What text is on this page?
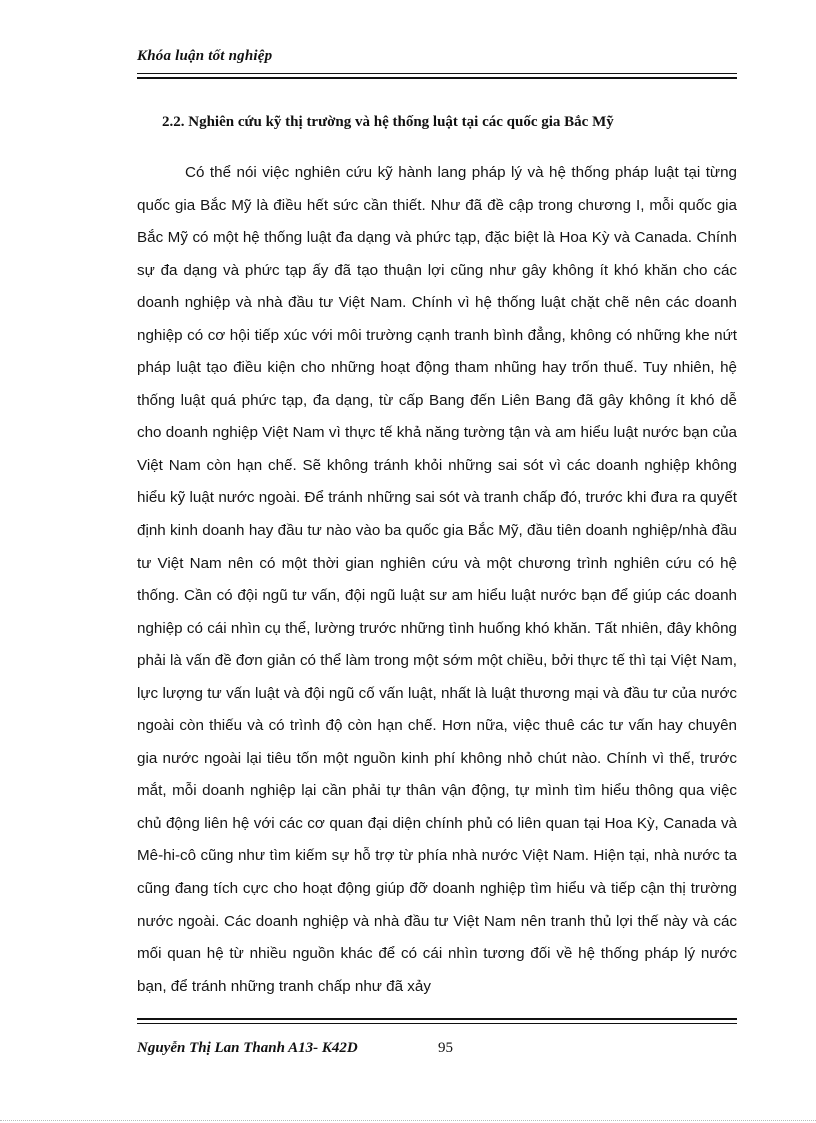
Khóa luận tốt nghiệp
2.2. Nghiên cứu kỹ thị trường và hệ thống luật tại các quốc gia Bắc Mỹ

Có thể nói việc nghiên cứu kỹ hành lang pháp lý và hệ thống pháp luật tại từng quốc gia Bắc Mỹ là điều hết sức cần thiết. Như đã đề cập trong chương I, mỗi quốc gia Bắc Mỹ có một hệ thống luật đa dạng và phức tạp, đặc biệt là Hoa Kỳ và Canada. Chính sự đa dạng và phức tạp ấy đã tạo thuận lợi cũng như gây không ít khó khăn cho các doanh nghiệp và nhà đầu tư Việt Nam. Chính vì hệ thống luật chặt chẽ nên các doanh nghiệp có cơ hội tiếp xúc với môi trường cạnh tranh bình đẳng, không có những khe nứt pháp luật tạo điều kiện cho những hoạt động tham nhũng hay trốn thuế. Tuy nhiên, hệ thống luật quá phức tạp, đa dạng, từ cấp Bang đến Liên Bang đã gây không ít khó dễ cho doanh nghiệp Việt Nam vì thực tế khả năng tường tận và am hiểu luật nước bạn của Việt Nam còn hạn chế. Sẽ không tránh khỏi những sai sót vì các doanh nghiệp không hiểu kỹ luật nước ngoài. Để tránh những sai sót và tranh chấp đó, trước khi đưa ra quyết định kinh doanh hay đầu tư nào vào ba quốc gia Bắc Mỹ, đầu tiên doanh nghiệp/nhà đầu tư Việt Nam nên có một thời gian nghiên cứu và một chương trình nghiên cứu có hệ thống. Cần có đội ngũ tư vấn, đội ngũ luật sư am hiểu luật nước bạn để giúp các doanh nghiệp có cái nhìn cụ thể, lường trước những tình huống khó khăn. Tất nhiên, đây không phải là vấn đề đơn giản có thể làm trong một sớm một chiều, bởi thực tế thì tại Việt Nam, lực lượng tư vấn luật và đội ngũ cố vấn luật, nhất là luật thương mại và đầu tư của nước ngoài còn thiếu và có trình độ còn hạn chế. Hơn nữa, việc thuê các tư vấn hay chuyên gia nước ngoài lại tiêu tốn một nguồn kinh phí không nhỏ chút nào. Chính vì thế, trước mắt, mỗi doanh nghiệp lại cần phải tự thân vận động, tự mình tìm hiểu thông qua việc chủ động liên hệ với các cơ quan đại diện chính phủ có liên quan tại Hoa Kỳ, Canada và Mê-hi-cô cũng như tìm kiếm sự hỗ trợ từ phía nhà nước Việt Nam. Hiện tại, nhà nước ta cũng đang tích cực cho hoạt động giúp đỡ doanh nghiệp tìm hiểu và tiếp cận thị trường nước ngoài. Các doanh nghiệp và nhà đầu tư Việt Nam nên tranh thủ lợi thế này và các mối quan hệ từ nhiều nguồn khác để có cái nhìn tương đối về hệ thống pháp lý nước bạn, để tránh những tranh chấp như đã xảy

Nguyễn Thị Lan Thanh A13- K42D	95
